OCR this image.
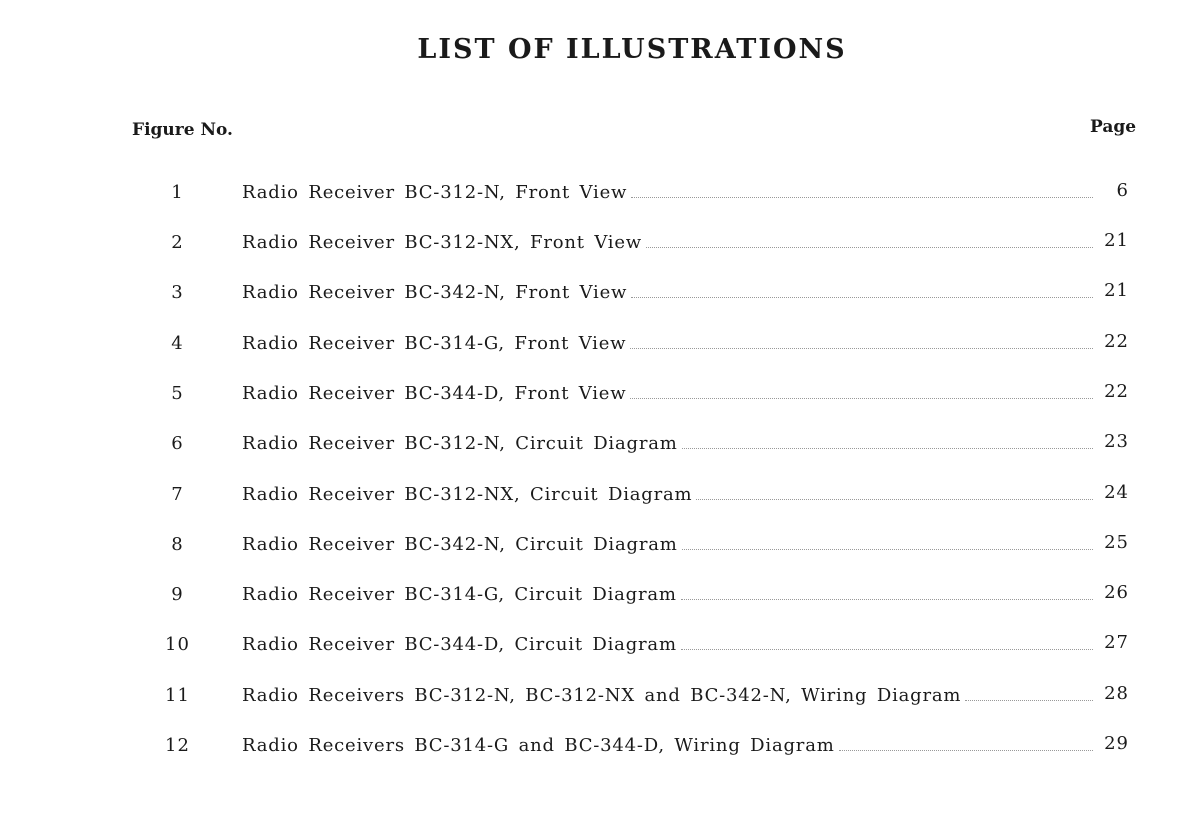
LIST OF ILLUSTRATIONS
Figure No.	Page
1	Radio Receiver BC-312-N, Front View	6
2	Radio Receiver BC-312-NX, Front View	21
3	Radio Receiver BC-342-N, Front View	21
4	Radio Receiver BC-314-G, Front View	22
5	Radio Receiver BC-344-D, Front View	22
6	Radio Receiver BC-312-N, Circuit Diagram	23
7	Radio Receiver BC-312-NX, Circuit Diagram	24
8	Radio Receiver BC-342-N, Circuit Diagram	25
9	Radio Receiver BC-314-G, Circuit Diagram	26
10	Radio Receiver BC-344-D, Circuit Diagram	27
11	Radio Receivers BC-312-N, BC-312-NX and BC-342-N, Wiring Diagram	28
12	Radio Receivers BC-314-G and BC-344-D, Wiring Diagram	29
